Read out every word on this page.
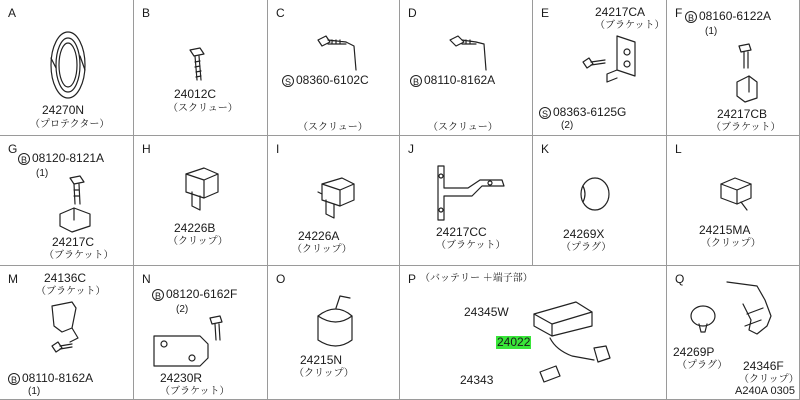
A
24270N
（プロテクター）
B
24012C
（スクリュー）
C
S 08360-6102C
（スクリュー）
D
B 08110-8162A
（スクリュー）
E	24217CA
（ブラケット）
S 08363-6125G
(2)
F B 08160-6122A
(1)
24217CB
（ブラケット）
G
B 08120-8121A
(1)
24217C
（ブラケット）
H
24226B
（クリップ）
I
24226A
（クリップ）
J
24217CC
（ブラケット）
K
24269X
（プラグ）
L
24215MA
（クリップ）
M 24136C
（ブラケット）
B 08110-8162A
(1)
N
B 08120-6162F
(2)
24230R
（ブラケット）
O
24215N
（クリップ）
P （バッテリー ＋端子部）
24345W
24022
24343
Q
24269P
（プラグ） 24346F
（クリップ）
A240A 0305
